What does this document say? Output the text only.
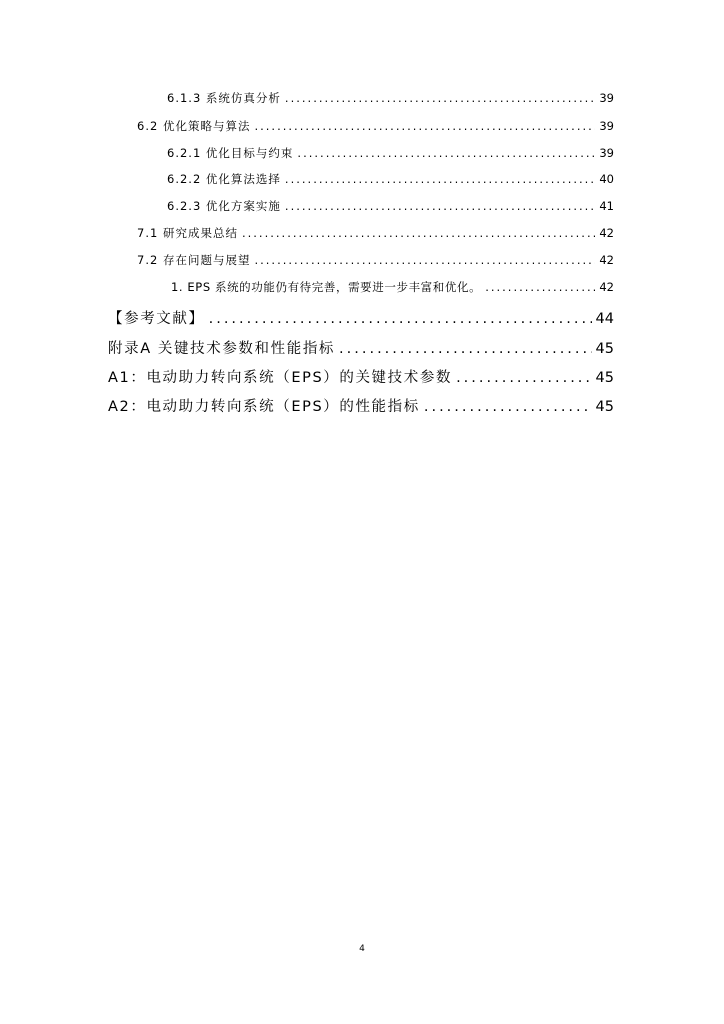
6.1.3 系统仿真分析 .....	39
6.2 优化策略与算法 .....	39
6.2.1 优化目标与约束 .....	39
6.2.2 优化算法选择 .....	40
6.2.3 优化方案实施 .....	41
7.1 研究成果总结 .....	42
7.2 存在问题与展望 .....	42
1. EPS 系统的功能仍有待完善，需要进一步丰富和优化。 .....	42
【参考文献】 .....	44
附录A 关键技术参数和性能指标 .....	45
A1：电动助力转向系统（EPS）的关键技术参数 .....	45
A2：电动助力转向系统（EPS）的性能指标 .....	45
4
